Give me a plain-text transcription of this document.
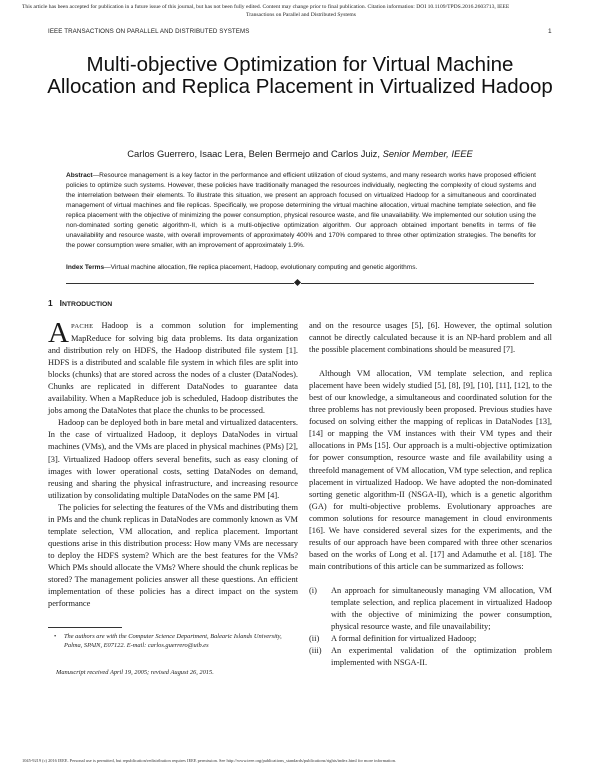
This article has been accepted for publication in a future issue of this journal, but has not been fully edited. Content may change prior to final publication. Citation information: DOI 10.1109/TPDS.2016.2603713, IEEE
Transactions on Parallel and Distributed Systems
IEEE TRANSACTIONS ON PARALLEL AND DISTRIBUTED SYSTEMS	1
Multi-objective Optimization for Virtual Machine Allocation and Replica Placement in Virtualized Hadoop
Carlos Guerrero, Isaac Lera, Belen Bermejo and Carlos Juiz, Senior Member, IEEE
Abstract—Resource management is a key factor in the performance and efficient utilization of cloud systems, and many research works have proposed efficient policies to optimize such systems. However, these policies have traditionally managed the resources individually, neglecting the complexity of cloud systems and the interrelation between their elements. To illustrate this situation, we present an approach focused on virtualized Hadoop for a simultaneous and coordinated management of virtual machines and file replicas. Specifically, we propose determining the virtual machine allocation, virtual machine template selection, and file replica placement with the objective of minimizing the power consumption, physical resource waste, and file unavailability. We implemented our solution using the non-dominated sorting genetic algorithm-II, which is a multi-objective optimization algorithm. Our approach obtained important benefits in terms of file unavailability and resource waste, with overall improvements of approximately 400% and 170% compared to three other optimization strategies. The benefits for the power consumption were smaller, with an improvement of approximately 1.9%.
Index Terms—Virtual machine allocation, file replica placement, Hadoop, evolutionary computing and genetic algorithms.
1 INTRODUCTION

APACHE Hadoop is a common solution for implementing MapReduce for solving big data problems. Its data organization and distribution rely on HDFS, the Hadoop distributed file system [1]. HDFS is a distributed and scalable file system in which files are split into blocks (chunks) that are stored across the nodes of a cluster (DataNodes). Chunks are replicated in different DataNodes to guarantee data availability. When a MapReduce job is scheduled, Hadoop distributes the jobs among the DataNotes that place the chunks to be processed.

Hadoop can be deployed both in bare metal and virtualized datacenters. In the case of virtualized Hadoop, it deploys DataNodes in virtual machines (VMs), and the VMs are placed in physical machines (PMs) [2], [3]. Virtualized Hadoop offers several benefits, such as easy cloning of images with lower operational costs, setting DataNodes on demand, reusing and sharing the physical infrastructure, and increasing resource utilization by consolidating multiple DataNodes on the same PM [4].

The policies for selecting the features of the VMs and distributing them in PMs and the chunk replicas in DataNodes are commonly known as VM template selection, VM allocation, and replica placement. Important questions arise in this distribution process: How many VMs are necessary to deploy the HDFS system? Which are the best features for the VMs? Which PMs should allocate the VMs? Where should the chunk replicas be stored? The management policies answer all these questions. An efficient implementation of these policies has a direct impact on the system performance

and on the resource usages [5], [6]. However, the optimal solution cannot be directly calculated because it is an NP-hard problem and all the possible placement combinations should be measured [7].

Although VM allocation, VM template selection, and replica placement have been widely studied [5], [8], [9], [10], [11], [12], to the best of our knowledge, a simultaneous and coordinated solution for the three problems has not previously been proposed. Previous studies have focused on solving either the mapping of replicas in DataNodes [13], [14] or mapping the VM instances with their VM types and their allocations in PMs [15]. Our approach is a multi-objective optimization for power consumption, resource waste and file availability using a threefold management of VM allocation, VM type selection, and replica placement in virtualized Hadoop. We have adopted the non-dominated sorting genetic algorithm-II (NSGA-II), which is a genetic algorithm (GA) for multi-objective problems. Evolutionary approaches are common solutions for resource management in cloud environments [16]. We have considered several sizes for the experiments, and the results of our approach have been compared with three other scenarios based on the works of Long et al. [17] and Adamuthe et al. [18]. The main contributions of this article can be summarized as follows:

(i)	An approach for simultaneously managing VM allocation, VM template selection, and replica placement in virtualized Hadoop with the objective of minimizing the power consumption, physical resource waste, and file unavailability;
(ii)	A formal definition for virtualized Hadoop;
(iii)	An experimental validation of the optimization problem implemented with NSGA-II.
• The authors are with the Computer Science Department, Balearic Islands University, Palma, SPAIN, E07122. E-mail: carlos.guerrero@uib.es
Manuscript received April 19, 2005; revised August 26, 2015.
1045-9219 (c) 2016 IEEE. Personal use is permitted, but republication/redistribution requires IEEE permission. See http://www.ieee.org/publications_standards/publications/rights/index.html for more information.
